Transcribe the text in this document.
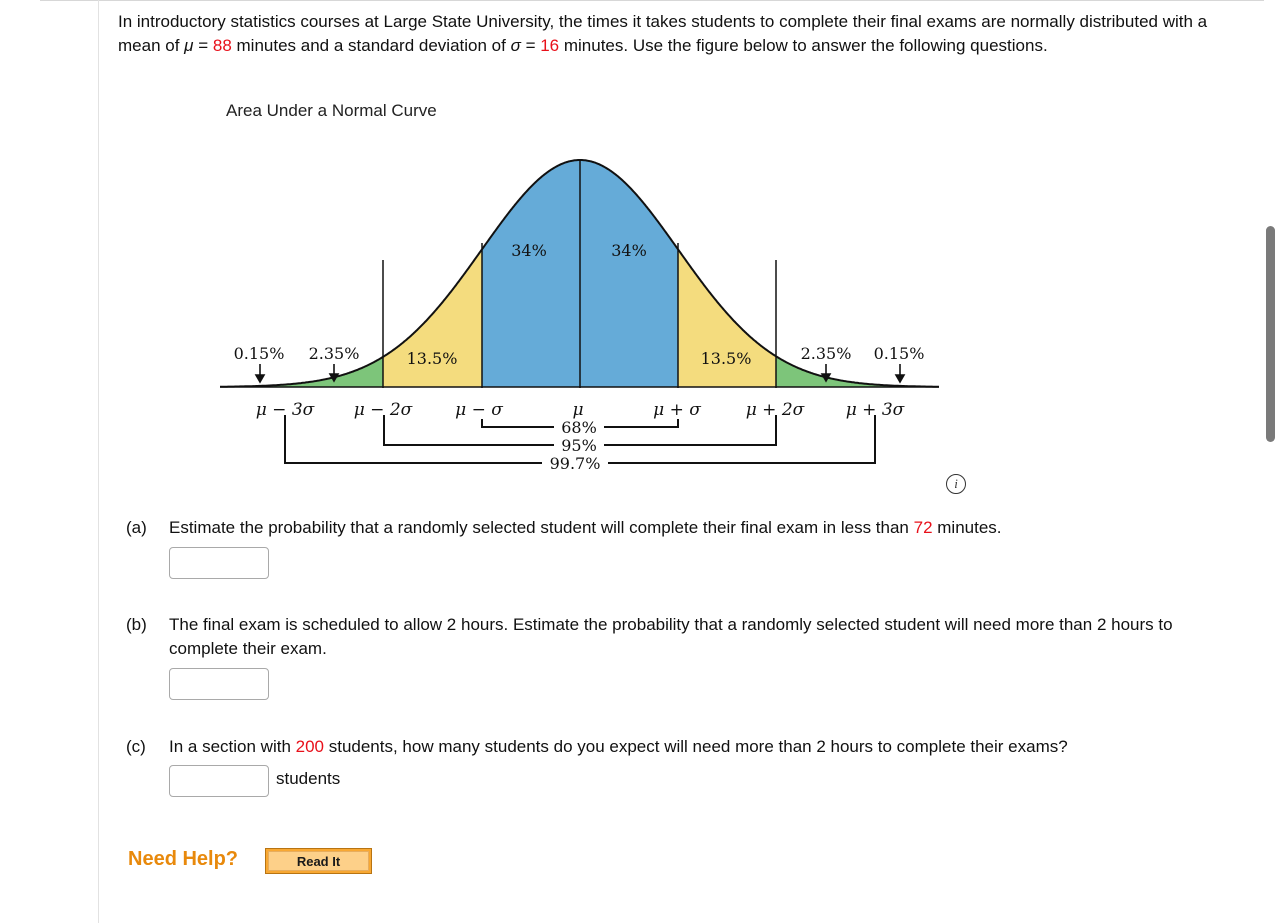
In introductory statistics courses at Large State University, the times it takes students to complete their final exams are normally distributed with a mean of μ = 88 minutes and a standard deviation of σ = 16 minutes. Use the figure below to answer the following questions.
Area Under a Normal Curve
34%	34%
13.5%	13.5%
0.15% 2.35%	2.35% 0.15%
μ − 3σ μ − 2σ	μ − σ	μ	μ + σ	μ + 2σ μ + 3σ
68%
95%
99.7%
i
(a) Estimate the probability that a randomly selected student will complete their final exam in less than 72 minutes.
(b) The final exam is scheduled to allow 2 hours. Estimate the probability that a randomly selected student will need more than 2 hours to complete their exam.
(c) In a section with 200 students, how many students do you expect will need more than 2 hours to complete their exams?
students
Need Help?	Read It
